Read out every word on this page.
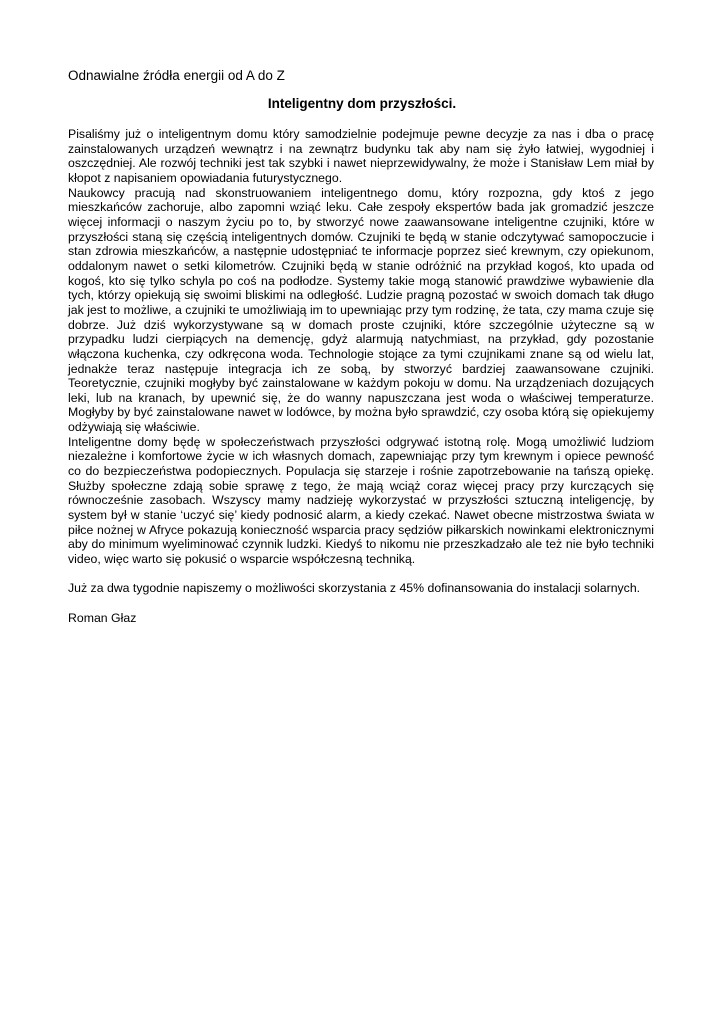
Odnawialne źródła energii od A do Z
Inteligentny dom przyszłości.

Pisaliśmy już o inteligentnym domu który samodzielnie podejmuje pewne decyzje za nas i dba o pracę zainstalowanych urządzeń wewnątrz i na zewnątrz budynku tak aby nam się żyło łatwiej, wygodniej i oszczędniej. Ale rozwój techniki jest tak szybki i nawet nieprzewidywalny, że może i Stanisław Lem miał by kłopot z napisaniem opowiadania futurystycznego.

Naukowcy pracują nad skonstruowaniem inteligentnego domu, który rozpozna, gdy ktoś z jego mieszkańców zachoruje, albo zapomni wziąć leku. Całe zespoły ekspertów bada jak gromadzić jeszcze więcej informacji o naszym życiu po to, by stworzyć nowe zaawansowane inteligentne czujniki, które w przyszłości staną się częścią inteligentnych domów. Czujniki te będą w stanie odczytywać samopoczucie i stan zdrowia mieszkańców, a następnie udostępniać te informacje poprzez sieć krewnym, czy opiekunom, oddalonym nawet o setki kilometrów. Czujniki będą w stanie odróżnić na przykład kogoś, kto upada od kogoś, kto się tylko schyla po coś na podłodze. Systemy takie mogą stanowić prawdziwe wybawienie dla tych, którzy opiekują się swoimi bliskimi na odległość. Ludzie pragną pozostać w swoich domach tak długo jak jest to możliwe, a czujniki te umożliwiają im to upewniając przy tym rodzinę, że tata, czy mama czuje się dobrze. Już dziś wykorzystywane są w domach proste czujniki, które szczególnie użyteczne są w przypadku ludzi cierpiących na demencję, gdyż alarmują natychmiast, na przykład, gdy pozostanie włączona kuchenka, czy odkręcona woda. Technologie stojące za tymi czujnikami znane są od wielu lat, jednakże teraz następuje integracja ich ze sobą, by stworzyć bardziej zaawansowane czujniki. Teoretycznie, czujniki mogłyby być zainstalowane w każdym pokoju w domu. Na urządzeniach dozujących leki, lub na kranach, by upewnić się, że do wanny napuszczana jest woda o właściwej temperaturze. Mogłyby by być zainstalowane nawet w lodówce, by można było sprawdzić, czy osoba którą się opiekujemy odżywiają się właściwie.

Inteligentne domy będę w społeczeństwach przyszłości odgrywać istotną rolę. Mogą umożliwić ludziom niezależne i komfortowe życie w ich własnych domach, zapewniając przy tym krewnym i opiece pewność co do bezpieczeństwa podopiecznych. Populacja się starzeje i rośnie zapotrzebowanie na tańszą opiekę. Służby społeczne zdają sobie sprawę z tego, że mają wciąż coraz więcej pracy przy kurczących się równocześnie zasobach. Wszyscy mamy nadzieję wykorzystać w przyszłości sztuczną inteligencję, by system był w stanie ‘uczyć się’ kiedy podnosić alarm, a kiedy czekać. Nawet obecne mistrzostwa świata w piłce nożnej w Afryce pokazują konieczność wsparcia pracy sędziów piłkarskich nowinkami elektronicznymi aby do minimum wyeliminować czynnik ludzki. Kiedyś to nikomu nie przeszkadzało ale też nie było techniki video, więc warto się pokusić o wsparcie współczesną techniką.

Już za dwa tygodnie napiszemy o możliwości skorzystania z 45% dofinansowania do instalacji solarnych.

Roman Głaz
